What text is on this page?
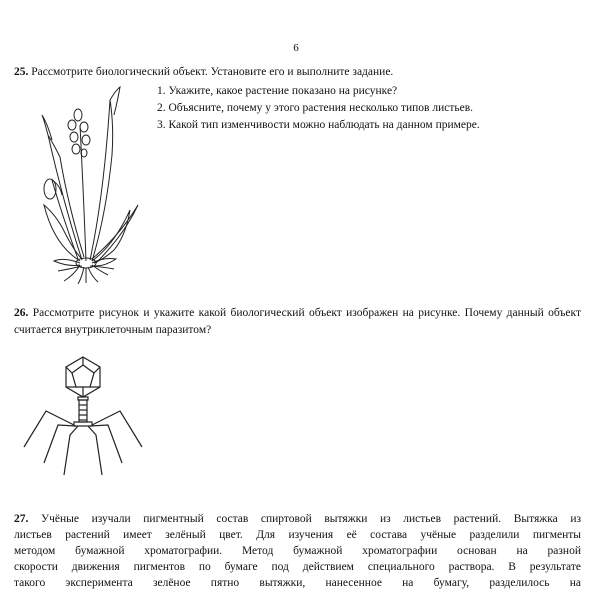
6
25. Рассмотрите биологический объект. Установите его и выполните задание.
1. Укажите, какое растение показано на рисунке?
2. Объясните, почему у этого растения несколько типов листьев.
3. Какой тип изменчивости можно наблюдать на данном примере.
26. Рассмотрите рисунок и укажите какой биологический объект изображен на рисунке. Почему данный объект считается внутриклеточным паразитом?
27. Учёные изучали пигментный состав спиртовой вытяжки из листьев растений. Вытяжка из
листьев растений имеет зелёный цвет. Для изучения её состава учёные разделили пигменты
методом бумажной хроматографии. Метод бумажной хроматографии основан на разной
скорости движения пигментов по бумаге под действием специального раствора. В результате
такого эксперимента зелёное пятно вытяжки, нанесенное на бумагу, разделилось на
